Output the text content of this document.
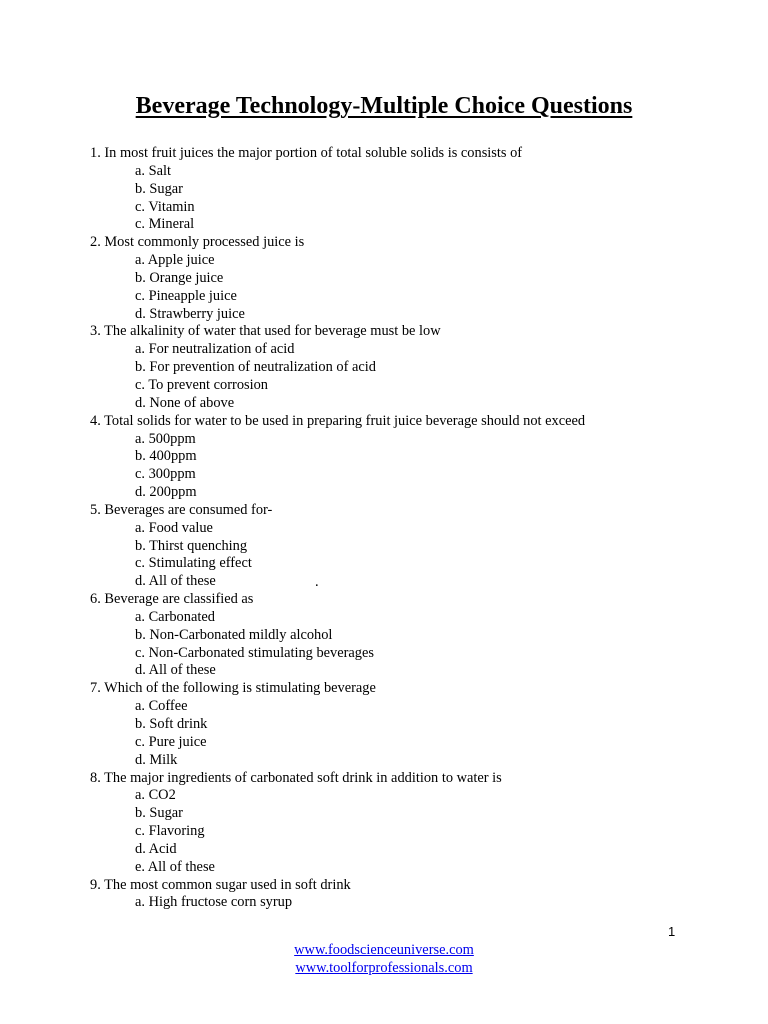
Beverage Technology-Multiple Choice Questions
1. In most fruit juices the major portion of total soluble solids is consists of
a. Salt
b. Sugar
c. Vitamin
c. Mineral
2. Most commonly processed juice is
a. Apple juice
b. Orange juice
c. Pineapple juice
d. Strawberry juice
3. The alkalinity of water that used for beverage must be low
a. For neutralization of acid
b. For prevention of neutralization of acid
c. To prevent corrosion
d. None of above
4. Total solids for water to be used in preparing fruit juice beverage should not exceed
a. 500ppm
b. 400ppm
c. 300ppm
d. 200ppm
5. Beverages are consumed for-
a. Food value
b. Thirst quenching
c. Stimulating effect
d. All of these
6. Beverage are classified as
a. Carbonated
b. Non-Carbonated mildly alcohol
c. Non-Carbonated stimulating beverages
d. All of these
7. Which of the following is stimulating beverage
a. Coffee
b. Soft drink
c. Pure juice
d. Milk
8. The major ingredients of carbonated soft drink in addition to water is
a. CO2
b. Sugar
c. Flavoring
d. Acid
e. All of these
9. The most common sugar used in soft drink
a. High fructose corn syrup
.
1
www.foodscienceuniverse.com
www.toolforprofessionals.com
